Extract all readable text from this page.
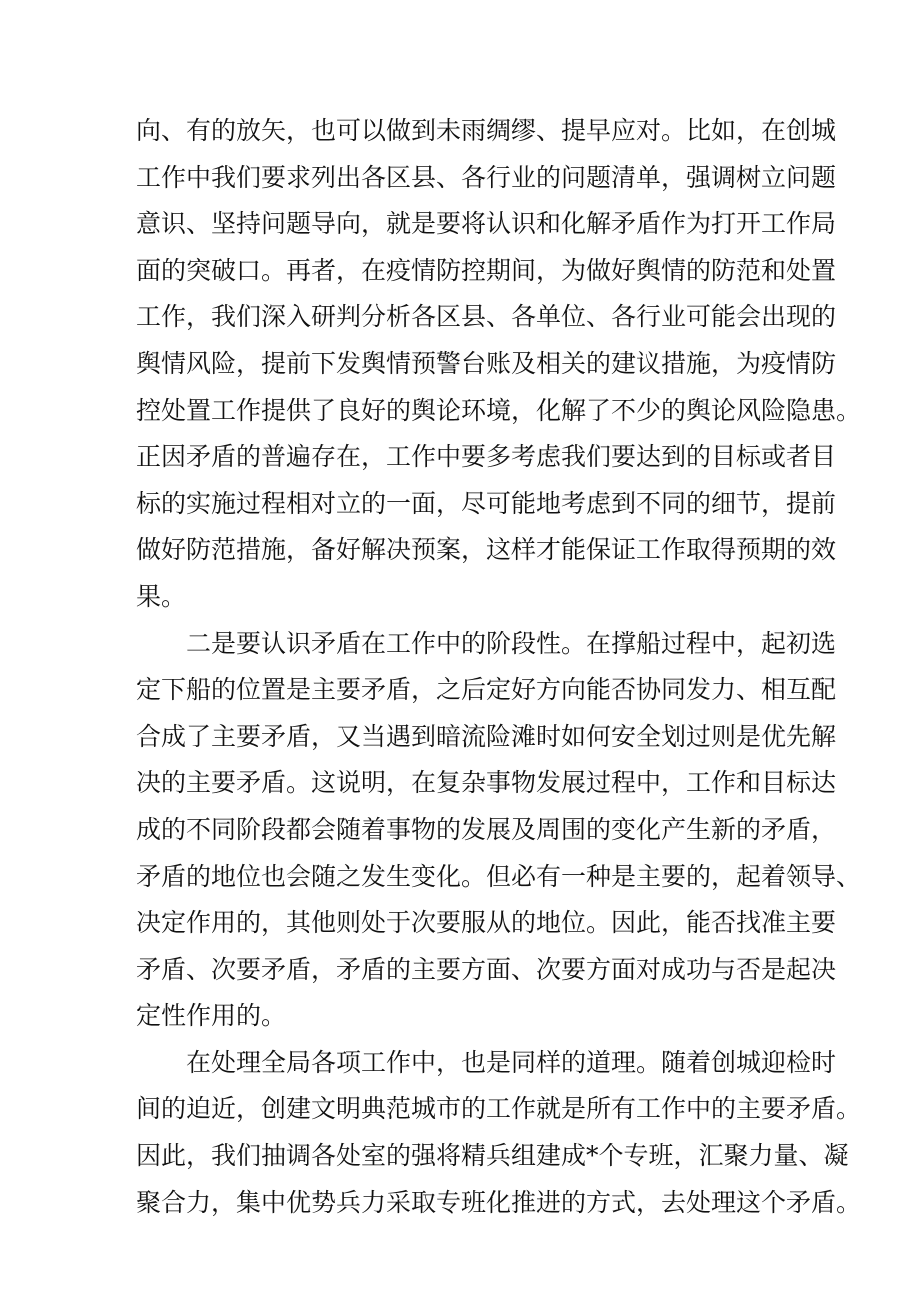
向、有的放矢，也可以做到未雨绸缪、提早应对。比如，在创城
工作中我们要求列出各区县、各行业的问题清单，强调树立问题
意识、坚持问题导向，就是要将认识和化解矛盾作为打开工作局
面的突破口。再者，在疫情防控期间，为做好舆情的防范和处置
工作，我们深入研判分析各区县、各单位、各行业可能会出现的
舆情风险，提前下发舆情预警台账及相关的建议措施，为疫情防
控处置工作提供了良好的舆论环境，化解了不少的舆论风险隐患。
正因矛盾的普遍存在，工作中要多考虑我们要达到的目标或者目
标的实施过程相对立的一面，尽可能地考虑到不同的细节，提前
做好防范措施，备好解决预案，这样才能保证工作取得预期的效
果。
二是要认识矛盾在工作中的阶段性。在撑船过程中，起初选
定下船的位置是主要矛盾，之后定好方向能否协同发力、相互配
合成了主要矛盾，又当遇到暗流险滩时如何安全划过则是优先解
决的主要矛盾。这说明，在复杂事物发展过程中，工作和目标达
成的不同阶段都会随着事物的发展及周围的变化产生新的矛盾，
矛盾的地位也会随之发生变化。但必有一种是主要的，起着领导、
决定作用的，其他则处于次要服从的地位。因此，能否找准主要
矛盾、次要矛盾，矛盾的主要方面、次要方面对成功与否是起决
定性作用的。
在处理全局各项工作中，也是同样的道理。随着创城迎检时
间的迫近，创建文明典范城市的工作就是所有工作中的主要矛盾。
因此，我们抽调各处室的强将精兵组建成*个专班，汇聚力量、凝
聚合力，集中优势兵力采取专班化推进的方式，去处理这个矛盾。
